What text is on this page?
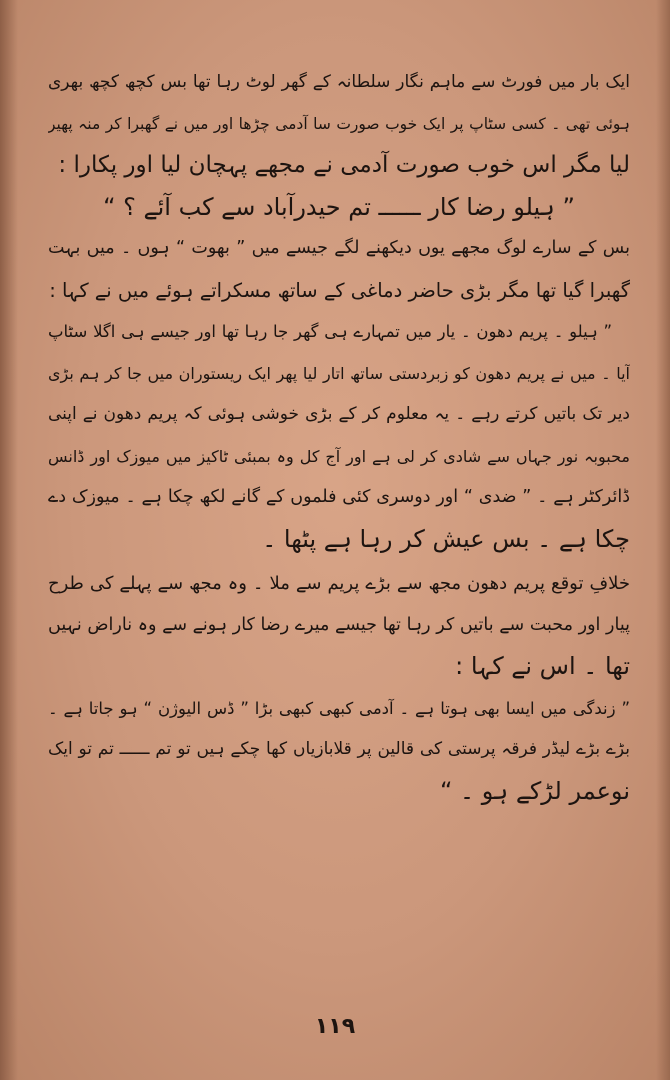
ایک بار میں فورٹ سے ماہم نگار سلطانہ کے گھر لوٹ رہا تھا بس کچھ کچھ بھری
ہوئی تھی ۔ کسی سٹاپ پر ایک خوب صورت سا آدمی چڑھا اور میں نے گھبرا کر منہ پھیر
لیا مگر اس خوب صورت آدمی نے مجھے پہچان لیا اور پکارا :
” ہیلو رضا کار ــــــ تم حیدرآباد سے کب آئے ؟ “
بس کے سارے لوگ مجھے یوں دیکھنے لگے جیسے میں ” بھوت “ ہوں ۔ میں بہت
گھبرا گیا تھا مگر بڑی حاضر دماغی کے ساتھ مسکراتے ہوئے میں نے کہا :
” ہیلو ۔ پریم دھون ۔ یار میں تمہارے ہی گھر جا رہا تھا اور جیسے ہی اگلا سٹاپ
آیا ۔ میں نے پریم دھون کو زبردستی ساتھ اتار لیا پھر ایک ریستوران میں جا کر ہم بڑی
دیر تک باتیں کرتے رہے ۔ یہ معلوم کر کے بڑی خوشی ہوئی کہ پریم دھون نے اپنی
محبوبہ نور جہاں سے شادی کر لی ہے اور آج کل وہ بمبئی ٹاکیز میں میوزک اور ڈانس
ڈائرکٹر ہے ۔ ” ضدی “ اور دوسری کئی فلموں کے گانے لکھ چکا ہے ۔ میوزک دے
چکا ہے ۔ بس عیش کر رہا ہے پٹھا ۔
خلافِ توقع پریم دھون مجھ سے بڑے پریم سے ملا ۔ وہ مجھ سے پہلے کی طرح
پیار اور محبت سے باتیں کر رہا تھا جیسے میرے رضا کار ہونے سے وہ ناراض نہیں
تھا ۔ اس نے کہا :
” زندگی میں ایسا بھی ہوتا ہے ۔ آدمی کبھی کبھی بڑا ” ڈس الیوژن “ ہو جاتا ہے ۔
بڑے بڑے لیڈر فرقہ پرستی کی قالین پر قلابازیاں کھا چکے ہیں تو تم ــــــ تم تو ایک
نوعمر لڑکے ہو ۔ “
۱۱۹
